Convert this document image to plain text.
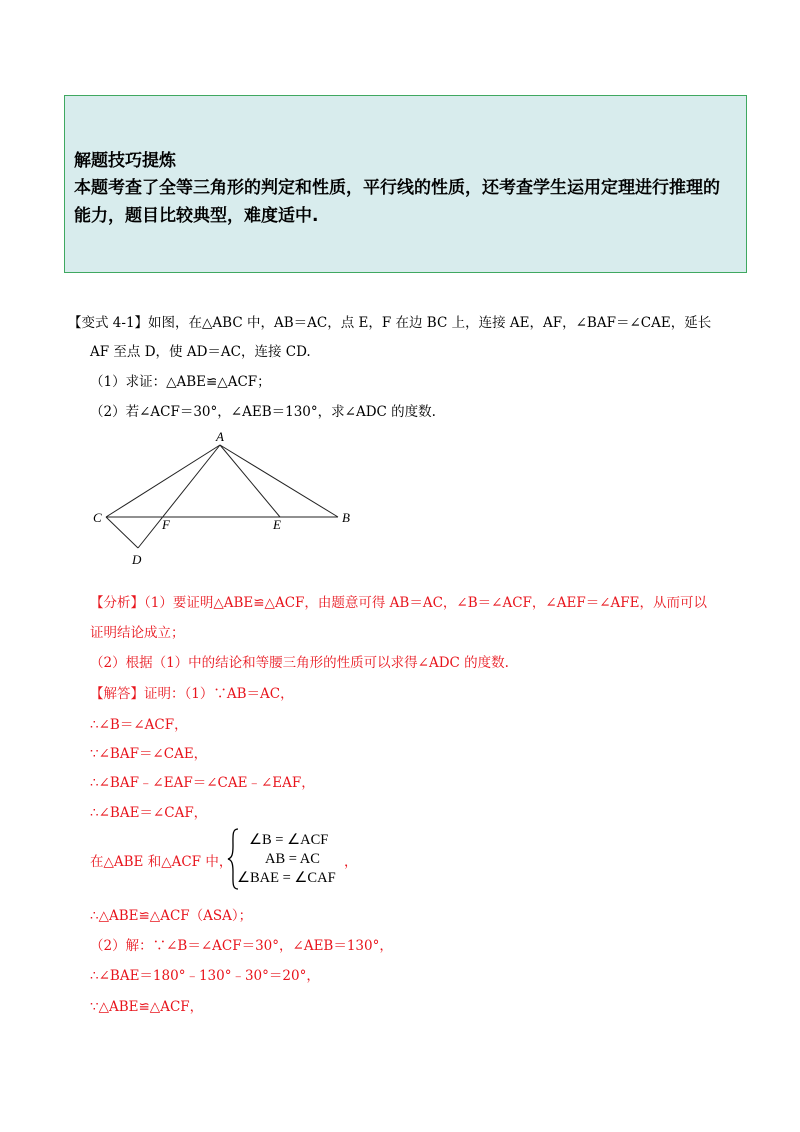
解题技巧提炼
本题考查了全等三角形的判定和性质，平行线的性质，还考查学生运用定理进行推理的能力，题目比较典型，难度适中.
【变式 4-1】如图，在△ABC 中，AB＝AC，点 E，F 在边 BC 上，连接 AE，AF，∠BAF＝∠CAE，延长
AF 至点 D，使 AD＝AC，连接 CD.
（1）求证：△ABE≌△ACF；
（2）若∠ACF＝30°，∠AEB＝130°，求∠ADC 的度数.
A
B
C
D
E
F
【分析】（1）要证明△ABE≌△ACF，由题意可得 AB＝AC，∠B＝∠ACF，∠AEF＝∠AFE，从而可以
证明结论成立；
（2）根据（1）中的结论和等腰三角形的性质可以求得∠ADC 的度数.
【解答】证明：（1）∵AB＝AC，
∴∠B＝∠ACF，
∵∠BAF＝∠CAE，
∴∠BAF﹣∠EAF＝∠CAE﹣∠EAF，
∴∠BAE＝∠CAF，
在△ABE 和△ACF 中，
∠B = ∠ACF
AB = AC
∠BAE = ∠CAF
，
∴△ABE≌△ACF（ASA）；
（2）解：∵∠B＝∠ACF＝30°，∠AEB＝130°，
∴∠BAE＝180°﹣130°﹣30°＝20°，
∵△ABE≌△ACF，
